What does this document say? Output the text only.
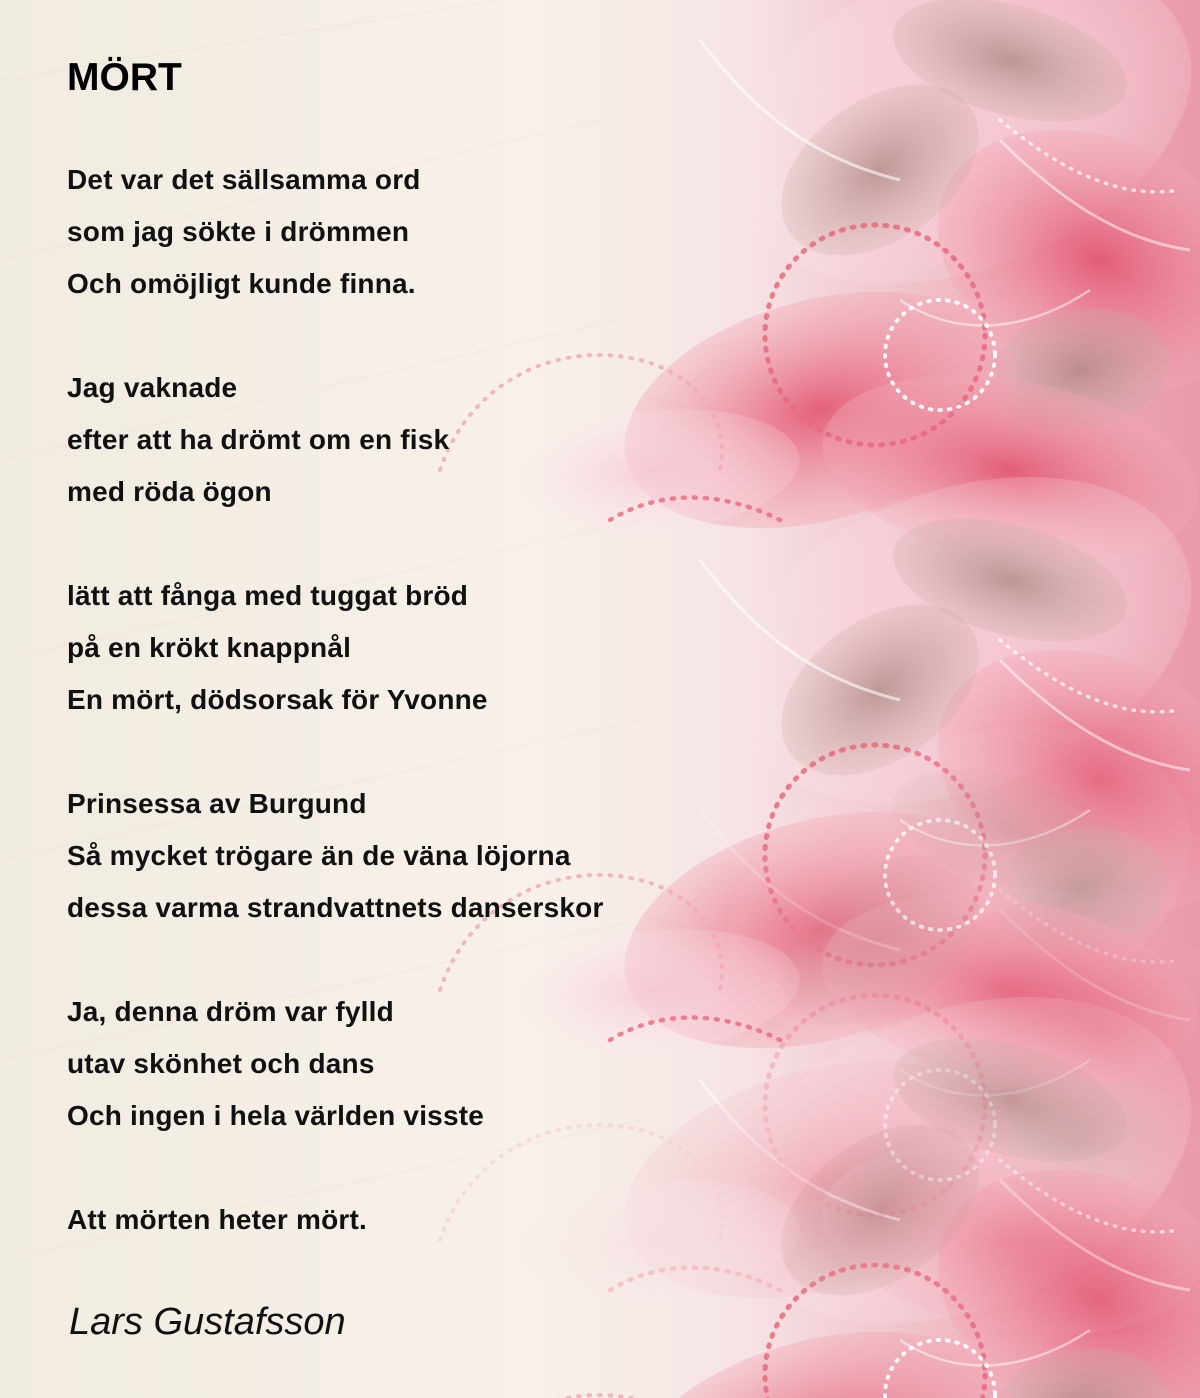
MÖRT
Det var det sällsamma ord
som jag sökte i drömmen
Och omöjligt kunde finna.
Jag vaknade
efter att ha drömt om en fisk
med röda ögon
lätt att fånga med tuggat bröd
på en krökt knappnål
En mört, dödsorsak för Yvonne
Prinsessa av Burgund
Så mycket trögare än de väna löjorna
dessa varma strandvattnets danserskor
Ja, denna dröm var fylld
utav skönhet och dans
Och ingen i hela världen visste
Att mörten heter mört.

Lars Gustafsson
